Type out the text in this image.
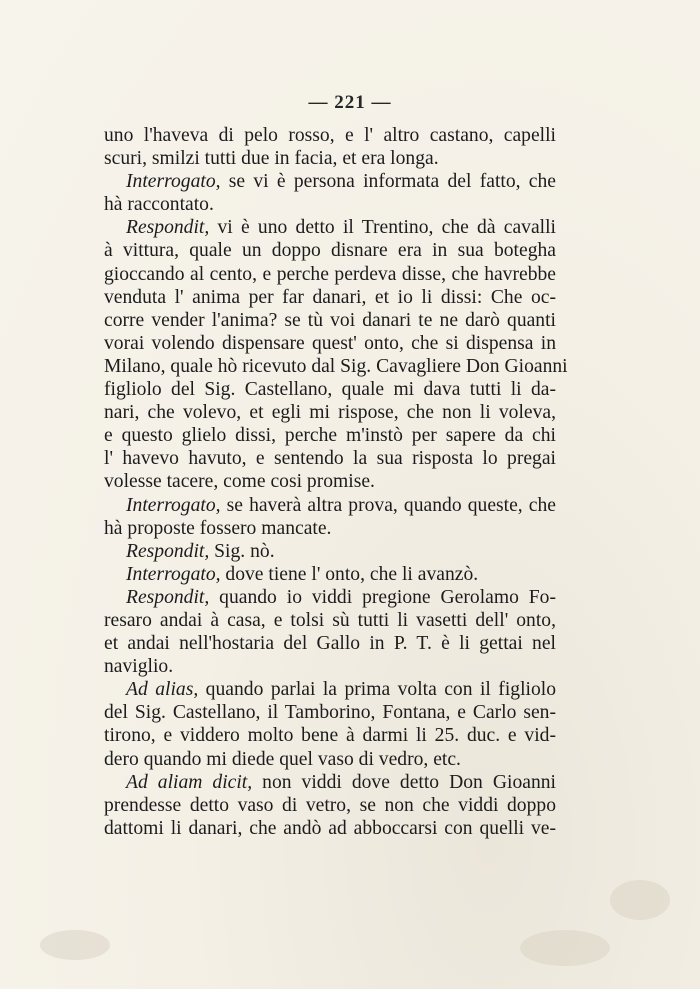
— 221 —
uno l'haveva di pelo rosso, e l' altro castano, capelli
scuri, smilzi tutti due in facia, et era longa.
Interrogato, se vi è persona informata del fatto, che
hà raccontato.
Respondit, vi è uno detto il Trentino, che dà cavalli
à vittura, quale un doppo disnare era in sua botegha
gioccando al cento, e perche perdeva disse, che havrebbe
venduta l' anima per far danari, et io li dissi: Che oc-
corre vender l'anima? se tù voi danari te ne darò quanti
vorai volendo dispensare quest' onto, che si dispensa in
Milano, quale hò ricevuto dal Sig. Cavagliere Don Gioanni
figliolo del Sig. Castellano, quale mi dava tutti li da-
nari, che volevo, et egli mi rispose, che non li voleva,
e questo glielo dissi, perche m'instò per sapere da chi
l' havevo havuto, e sentendo la sua risposta lo pregai
volesse tacere, come cosi promise.
Interrogato, se haverà altra prova, quando queste, che
hà proposte fossero mancate.
Respondit, Sig. nò.
Interrogato, dove tiene l' onto, che li avanzò.
Respondit, quando io viddi pregione Gerolamo Fo-
resaro andai à casa, e tolsi sù tutti li vasetti dell' onto,
et andai nell'hostaria del Gallo in P. T. è li gettai nel
naviglio.
Ad alias, quando parlai la prima volta con il figliolo
del Sig. Castellano, il Tamborino, Fontana, e Carlo sen-
tirono, e viddero molto bene à darmi li 25. duc. e vid-
dero quando mi diede quel vaso di vedro, etc.
Ad aliam dicit, non viddi dove detto Don Gioanni
prendesse detto vaso di vetro, se non che viddi doppo
dattomi li danari, che andò ad abboccarsi con quelli ve-
